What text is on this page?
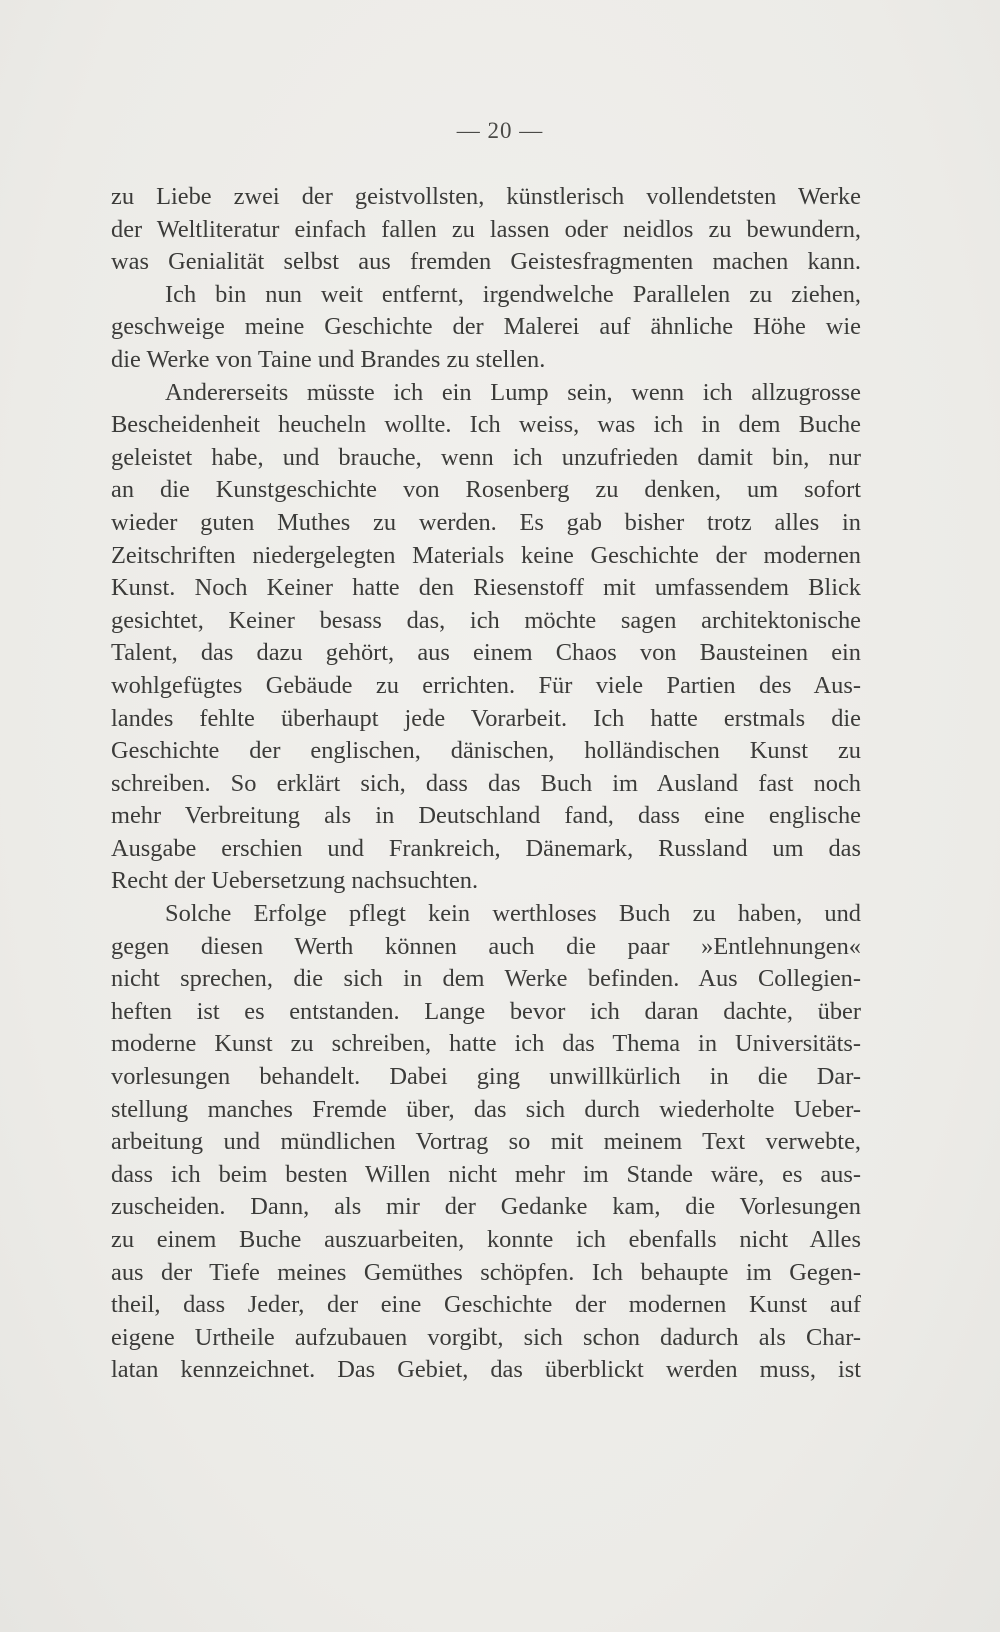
— 20 —
zu Liebe zwei der geistvollsten, künstlerisch vollendetsten Werke
der Weltliteratur einfach fallen zu lassen oder neidlos zu bewundern,
was Genialität selbst aus fremden Geistesfragmenten machen kann.
Ich bin nun weit entfernt, irgendwelche Parallelen zu ziehen,
geschweige meine Geschichte der Malerei auf ähnliche Höhe wie
die Werke von Taine und Brandes zu stellen.
Andererseits müsste ich ein Lump sein, wenn ich allzugrosse
Bescheidenheit heucheln wollte. Ich weiss, was ich in dem Buche
geleistet habe, und brauche, wenn ich unzufrieden damit bin, nur
an die Kunstgeschichte von Rosenberg zu denken, um sofort
wieder guten Muthes zu werden. Es gab bisher trotz alles in
Zeitschriften niedergelegten Materials keine Geschichte der modernen
Kunst. Noch Keiner hatte den Riesenstoff mit umfassendem Blick
gesichtet, Keiner besass das, ich möchte sagen architektonische
Talent, das dazu gehört, aus einem Chaos von Bausteinen ein
wohlgefügtes Gebäude zu errichten. Für viele Partien des Aus-
landes fehlte überhaupt jede Vorarbeit. Ich hatte erstmals die
Geschichte der englischen, dänischen, holländischen Kunst zu
schreiben. So erklärt sich, dass das Buch im Ausland fast noch
mehr Verbreitung als in Deutschland fand, dass eine englische
Ausgabe erschien und Frankreich, Dänemark, Russland um das
Recht der Uebersetzung nachsuchten.
Solche Erfolge pflegt kein werthloses Buch zu haben, und
gegen diesen Werth können auch die paar »Entlehnungen«
nicht sprechen, die sich in dem Werke befinden. Aus Collegien-
heften ist es entstanden. Lange bevor ich daran dachte, über
moderne Kunst zu schreiben, hatte ich das Thema in Universitäts-
vorlesungen behandelt. Dabei ging unwillkürlich in die Dar-
stellung manches Fremde über, das sich durch wiederholte Ueber-
arbeitung und mündlichen Vortrag so mit meinem Text verwebte,
dass ich beim besten Willen nicht mehr im Stande wäre, es aus-
zuscheiden. Dann, als mir der Gedanke kam, die Vorlesungen
zu einem Buche auszuarbeiten, konnte ich ebenfalls nicht Alles
aus der Tiefe meines Gemüthes schöpfen. Ich behaupte im Gegen-
theil, dass Jeder, der eine Geschichte der modernen Kunst auf
eigene Urtheile aufzubauen vorgibt, sich schon dadurch als Char-
latan kennzeichnet. Das Gebiet, das überblickt werden muss, ist
